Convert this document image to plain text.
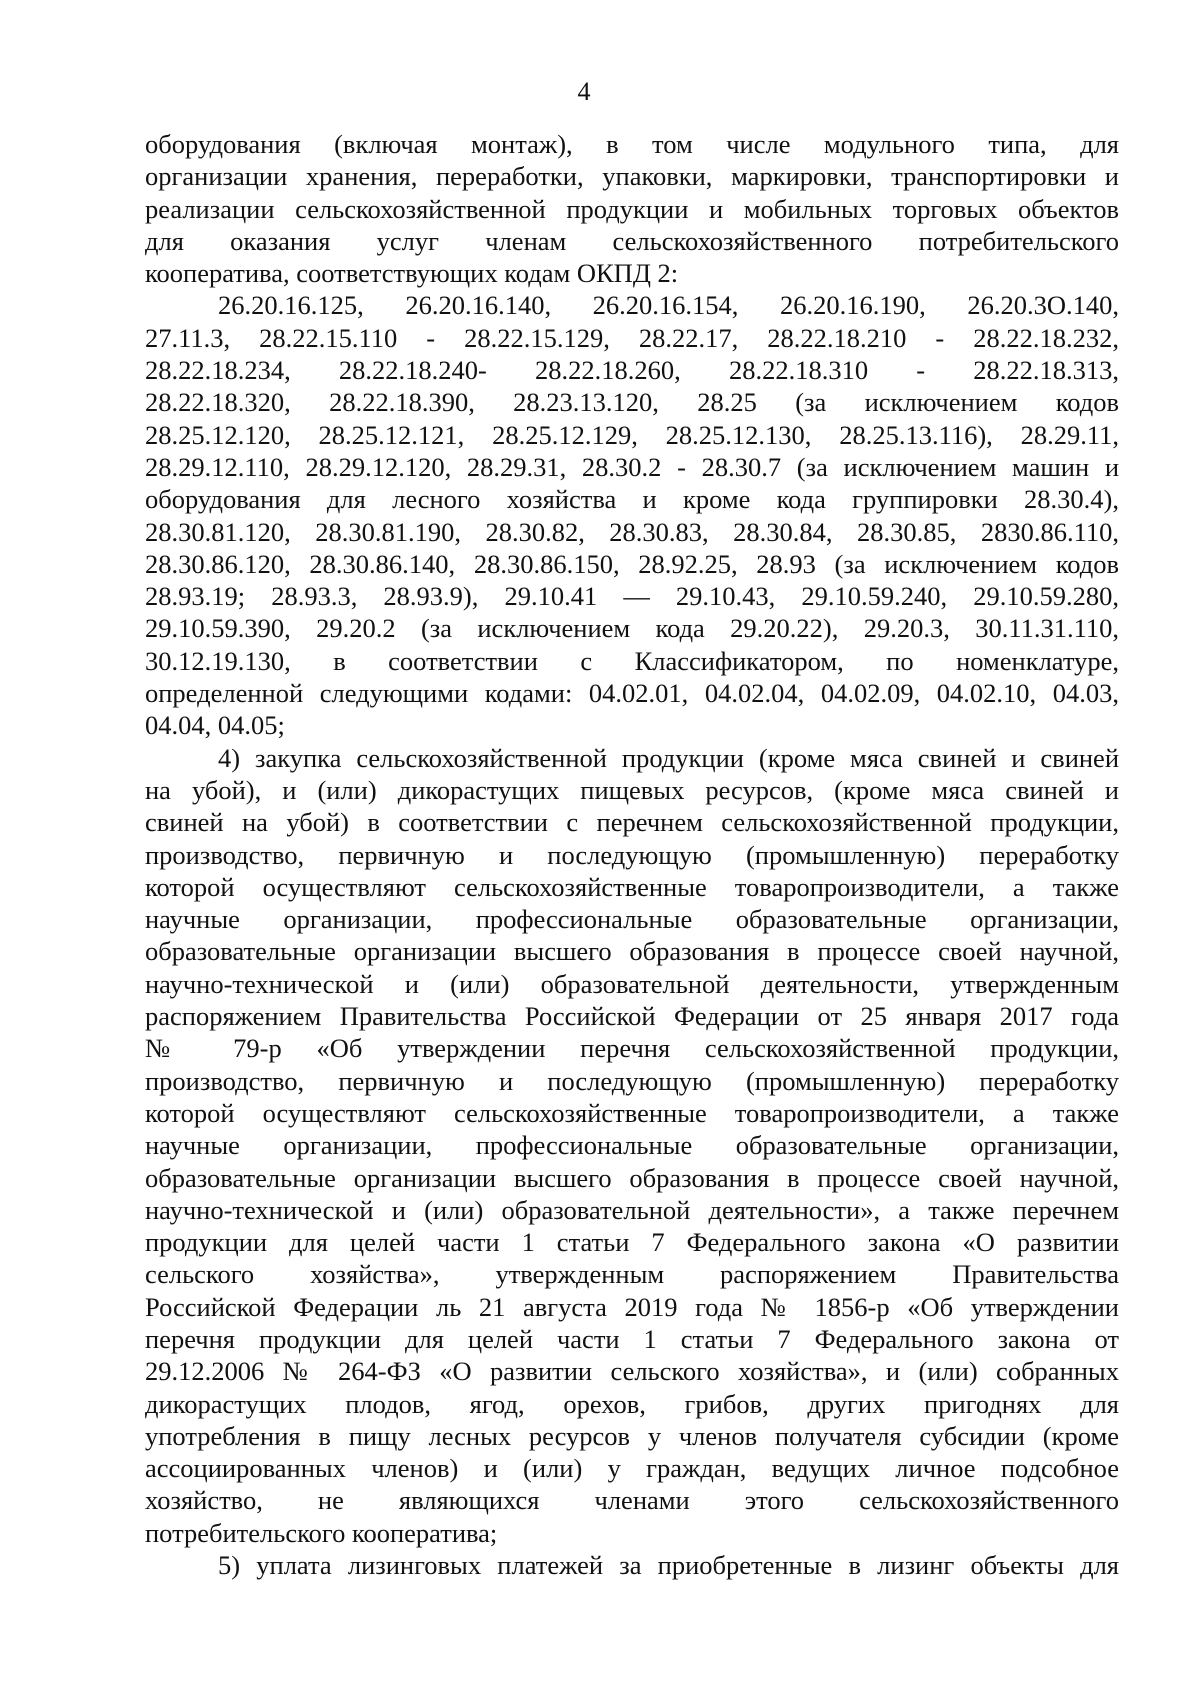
4
оборудования (включая монтаж), в том числе модульного типа, для
организации хранения, переработки, упаковки, маркировки, транспортировки и
реализации сельскохозяйственной продукции и мобильных торговых объектов
для оказания услуг членам сельскохозяйственного потребительского
кооператива, соответствующих кодам ОКПД 2:
26.20.16.125, 26.20.16.140, 26.20.16.154, 26.20.16.190, 26.20.3О.140,
27.11.3, 28.22.15.110 - 28.22.15.129, 28.22.17, 28.22.18.210 - 28.22.18.232,
28.22.18.234, 28.22.18.240- 28.22.18.260, 28.22.18.310 - 28.22.18.313,
28.22.18.320, 28.22.18.390, 28.23.13.120, 28.25 (за исключением кодов
28.25.12.120, 28.25.12.121, 28.25.12.129, 28.25.12.130, 28.25.13.116), 28.29.11,
28.29.12.110, 28.29.12.120, 28.29.31, 28.30.2 - 28.30.7 (за исключением машин и
оборудования для лесного хозяйства и кроме кода группировки 28.30.4),
28.30.81.120, 28.30.81.190, 28.30.82, 28.30.83, 28.30.84, 28.30.85, 2830.86.110,
28.30.86.120, 28.30.86.140, 28.30.86.150, 28.92.25, 28.93 (за исключением кодов
28.93.19; 28.93.3, 28.93.9), 29.10.41 — 29.10.43, 29.10.59.240, 29.10.59.280,
29.10.59.390, 29.20.2 (за исключением кода 29.20.22), 29.20.3, 30.11.31.110,
30.12.19.130, в соответствии с Классификатором, по номенклатуре,
определенной следующими кодами: 04.02.01, 04.02.04, 04.02.09, 04.02.10, 04.03,
04.04, 04.05;
4) закупка сельскохозяйственной продукции (кроме мяса свиней и свиней
на убой), и (или) дикорастущих пищевых ресурсов, (кроме мяса свиней и
свиней на убой) в соответствии с перечнем сельскохозяйственной продукции,
производство, первичную и последующую (промышленную) переработку
которой осуществляют сельскохозяйственные товаропроизводители, а также
научные организации, профессиональные образовательные организации,
образовательные организации высшего образования в процессе своей научной,
научно-технической и (или) образовательной деятельности, утвержденным
распоряжением Правительства Российской Федерации от 25 января 2017 года
№ 79-р «Об утверждении перечня сельскохозяйственной продукции,
производство, первичную и последующую (промышленную) переработку
которой осуществляют сельскохозяйственные товаропроизводители, а также
научные организации, профессиональные образовательные организации,
образовательные организации высшего образования в процессе своей научной,
научно-технической и (или) образовательной деятельности», а также перечнем
продукции для целей части 1 статьи 7 Федерального закона «О развитии
сельского хозяйства», утвержденным распоряжением Правительства
Российской Федерации ль 21 августа 2019 года № 1856-р «Об утверждении
перечня продукции для целей части 1 статьи 7 Федерального закона от
29.12.2006 № 264-ФЗ «О развитии сельского хозяйства», и (или) собранных
дикорастущих плодов, ягод, орехов, грибов, других пригоднях для
употребления в пищу лесных ресурсов у членов получателя субсидии (кроме
ассоциированных членов) и (или) у граждан, ведущих личное подсобное
хозяйство, не являющихся членами этого сельскохозяйственного
потребительского кооператива;
5) уплата лизинговых платежей за приобретенные в лизинг объекты для
